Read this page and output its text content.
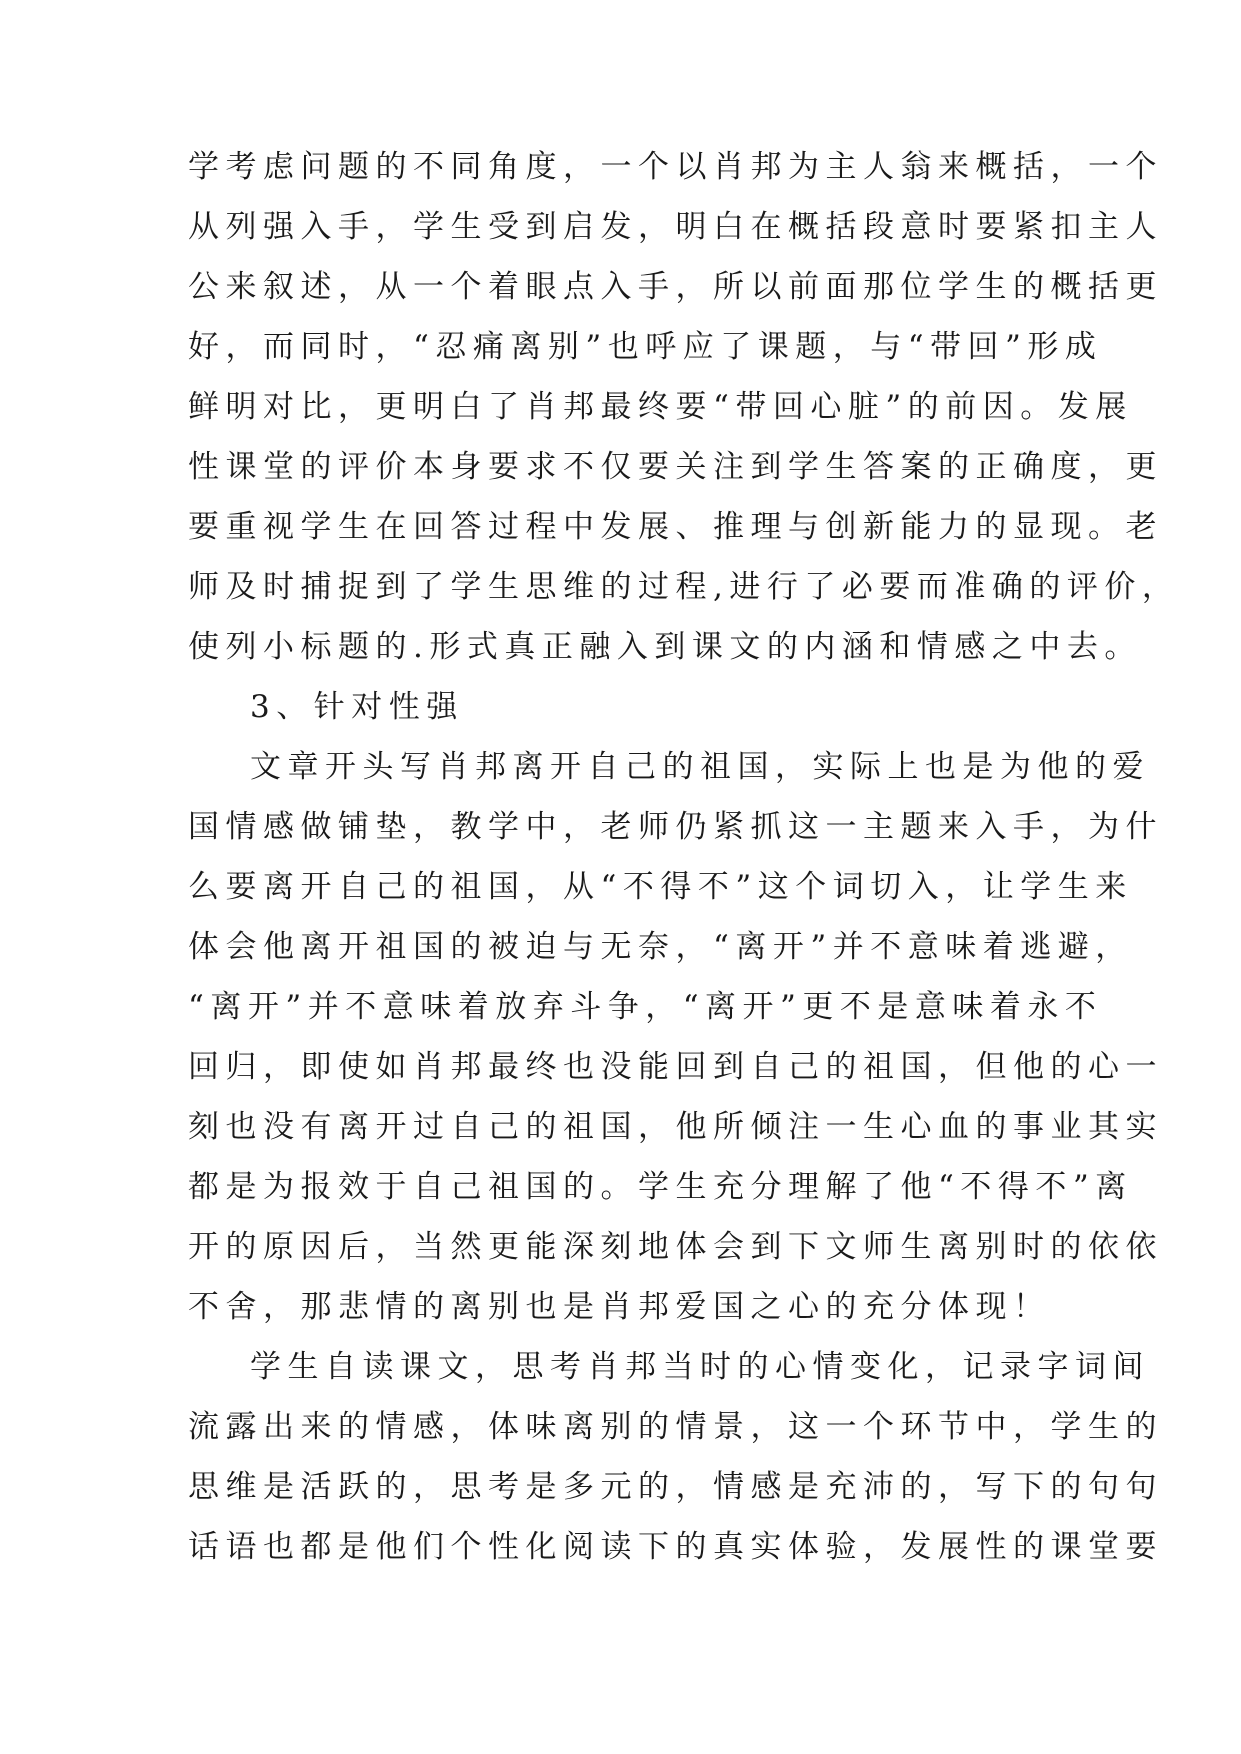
学考虑问题的不同角度，一个以肖邦为主人翁来概括，一个
从列强入手，学生受到启发，明白在概括段意时要紧扣主人
公来叙述，从一个着眼点入手，所以前面那位学生的概括更
好，而同时，“忍痛离别”也呼应了课题，与“带回”形成
鲜明对比，更明白了肖邦最终要“带回心脏”的前因。发展
性课堂的评价本身要求不仅要关注到学生答案的正确度，更
要重视学生在回答过程中发展、推理与创新能力的显现。老
师及时捕捉到了学生思维的过程,进行了必要而准确的评价，
使列小标题的.形式真正融入到课文的内涵和情感之中去。
3、针对性强
文章开头写肖邦离开自己的祖国，实际上也是为他的爱
国情感做铺垫，教学中，老师仍紧抓这一主题来入手，为什
么要离开自己的祖国，从“不得不”这个词切入，让学生来
体会他离开祖国的被迫与无奈，“离开”并不意味着逃避，
“离开”并不意味着放弃斗争，“离开”更不是意味着永不
回归，即使如肖邦最终也没能回到自己的祖国，但他的心一
刻也没有离开过自己的祖国，他所倾注一生心血的事业其实
都是为报效于自己祖国的。学生充分理解了他“不得不”离
开的原因后，当然更能深刻地体会到下文师生离别时的依依
不舍，那悲情的离别也是肖邦爱国之心的充分体现！
学生自读课文，思考肖邦当时的心情变化，记录字词间
流露出来的情感，体味离别的情景，这一个环节中，学生的
思维是活跃的，思考是多元的，情感是充沛的，写下的句句
话语也都是他们个性化阅读下的真实体验，发展性的课堂要
